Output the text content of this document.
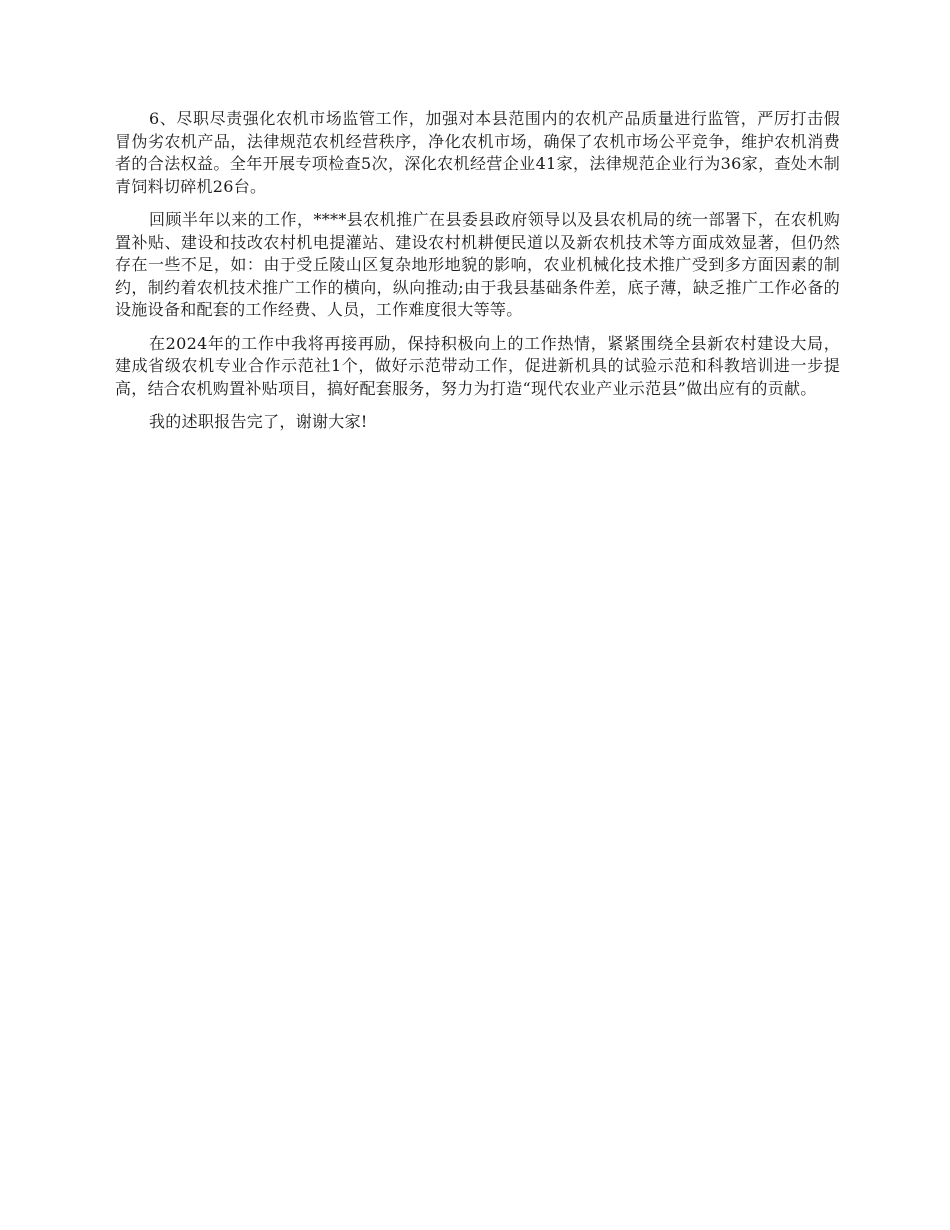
6、尽职尽责强化农机市场监管工作，加强对本县范围内的农机产品质量进行监管，严厉打击假冒伪劣农机产品，法律规范农机经营秩序，净化农机市场，确保了农机市场公平竞争，维护农机消费者的合法权益。全年开展专项检查5次，深化农机经营企业41家，法律规范企业行为36家，查处木制青饲料切碎机26台。

回顾半年以来的工作，****县农机推广在县委县政府领导以及县农机局的统一部署下，在农机购置补贴、建设和技改农村机电提灌站、建设农村机耕便民道以及新农机技术等方面成效显著，但仍然存在一些不足，如：由于受丘陵山区复杂地形地貌的影响，农业机械化技术推广受到多方面因素的制约，制约着农机技术推广工作的横向，纵向推动;由于我县基础条件差，底子薄，缺乏推广工作必备的设施设备和配套的工作经费、人员，工作难度很大等等。

在2024年的工作中我将再接再励，保持积极向上的工作热情，紧紧围绕全县新农村建设大局，建成省级农机专业合作示范社1个，做好示范带动工作，促进新机具的试验示范和科教培训进一步提高，结合农机购置补贴项目，搞好配套服务，努力为打造“现代农业产业示范县”做出应有的贡献。

我的述职报告完了，谢谢大家!
